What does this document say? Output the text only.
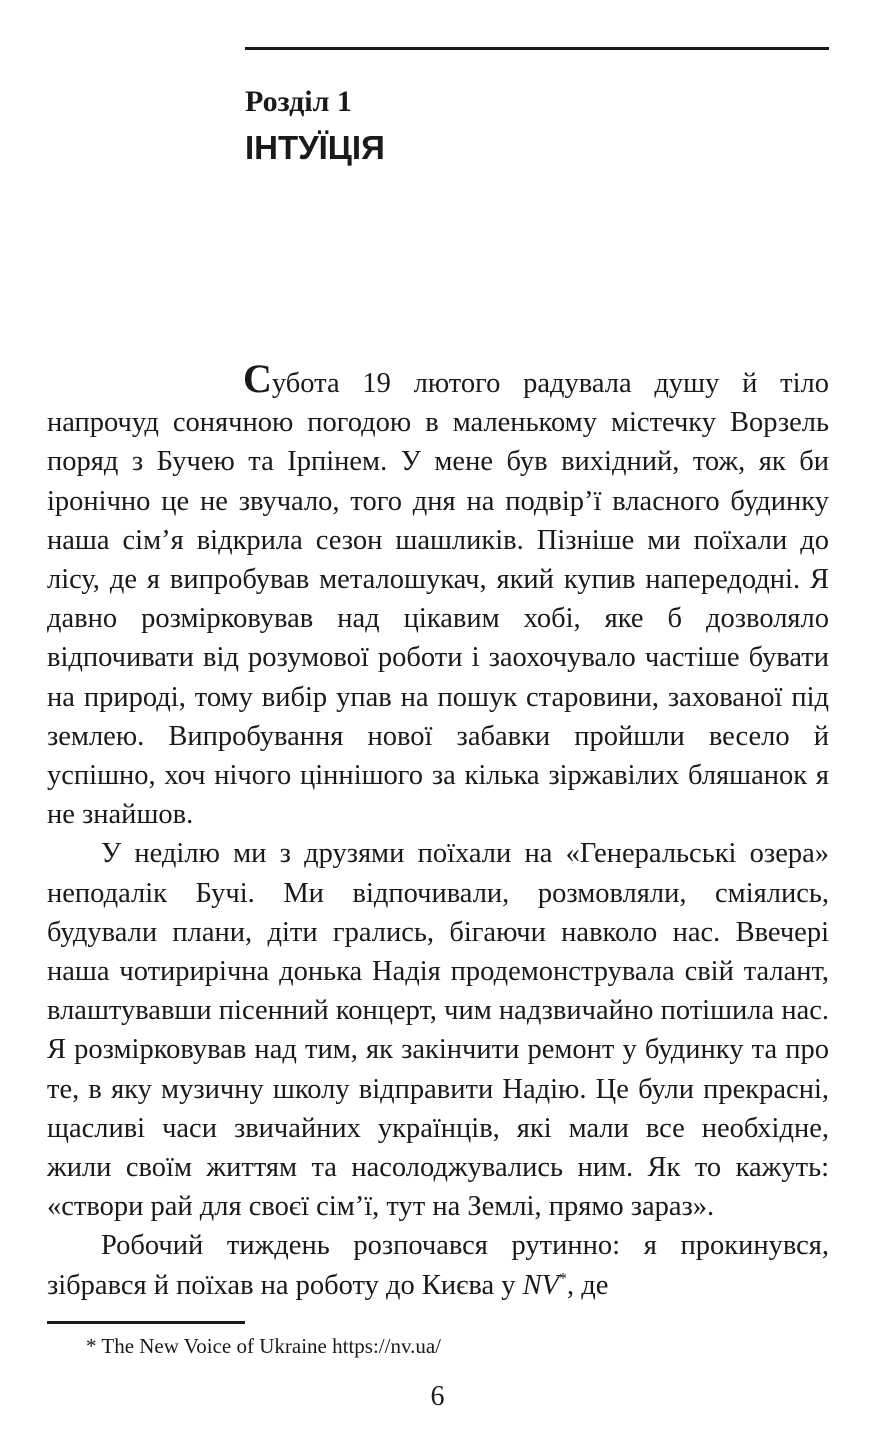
Розділ 1
ІНТУЇЦІЯ

Субота 19 лютого радувала душу й тіло напрочуд сонячною погодою в маленькому містечку Ворзель поряд з Бучею та Ірпінем. У мене був вихідний, тож, як би іронічно це не звучало, того дня на подвір’ї власного будинку наша сім’я відкрила сезон шашликів. Пізніше ми поїхали до лісу, де я випробував металошукач, який купив напередодні. Я давно розмірковував над цікавим хобі, яке б дозволяло відпочивати від розумової роботи і заохочувало частіше бувати на природі, тому вибір упав на пошук старовини, захованої під землею. Випробування нової забавки пройшли весело й успішно, хоч нічого ціннішого за кілька зіржавілих бляшанок я не знайшов.

У неділю ми з друзями поїхали на «Генеральські озера» неподалік Бучі. Ми відпочивали, розмовляли, сміялись, будували плани, діти грались, бігаючи навколо нас. Ввечері наша чотирирічна донька Надія продемонструвала свій талант, влаштувавши пісенний концерт, чим надзвичайно потішила нас. Я розмірковував над тим, як закінчити ремонт у будинку та про те, в яку музичну школу відправити Надію. Це були прекрасні, щасливі часи звичайних українців, які мали все необхідне, жили своїм життям та насолоджувались ним. Як то кажуть: «створи рай для своєї сім’ї, тут на Землі, прямо зараз».

Робочий тиждень розпочався рутинно: я прокинувся, зібрався й поїхав на роботу до Києва у NV*, де

* The New Voice of Ukraine https://nv.ua/
6
